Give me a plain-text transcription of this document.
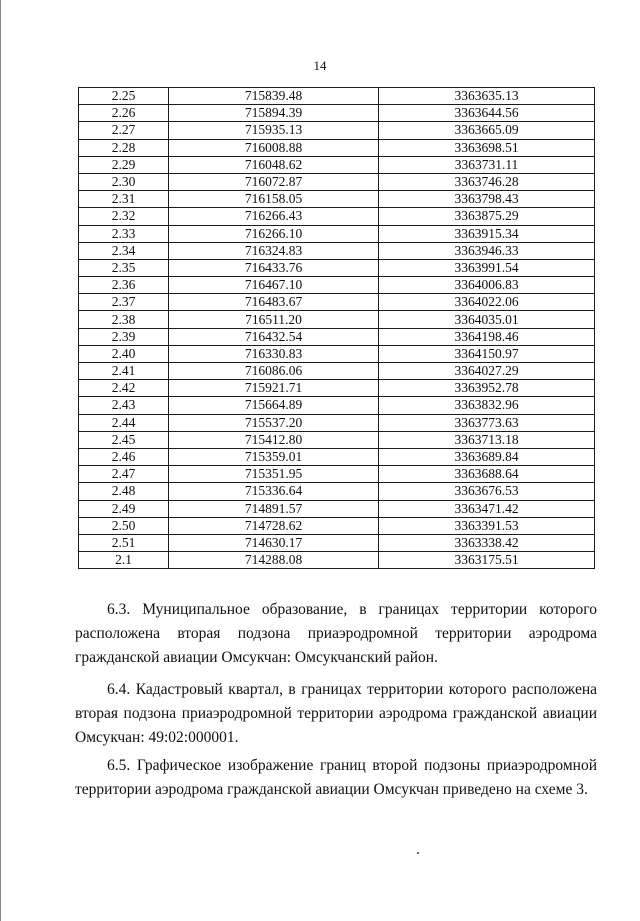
14
2.25	715839.48	3363635.13
2.26	715894.39	3363644.56
2.27	715935.13	3363665.09
2.28	716008.88	3363698.51
2.29	716048.62	3363731.11
2.30	716072.87	3363746.28
2.31	716158.05	3363798.43
2.32	716266.43	3363875.29
2.33	716266.10	3363915.34
2.34	716324.83	3363946.33
2.35	716433.76	3363991.54
2.36	716467.10	3364006.83
2.37	716483.67	3364022.06
2.38	716511.20	3364035.01
2.39	716432.54	3364198.46
2.40	716330.83	3364150.97
2.41	716086.06	3364027.29
2.42	715921.71	3363952.78
2.43	715664.89	3363832.96
2.44	715537.20	3363773.63
2.45	715412.80	3363713.18
2.46	715359.01	3363689.84
2.47	715351.95	3363688.64
2.48	715336.64	3363676.53
2.49	714891.57	3363471.42
2.50	714728.62	3363391.53
2.51	714630.17	3363338.42
2.1	714288.08	3363175.51

6.3. Муниципальное образование, в границах территории которого расположена вторая подзона приаэродромной территории аэродрома гражданской авиации Омсукчан: Омсукчанский район.

6.4. Кадастровый квартал, в границах территории которого расположена вторая подзона приаэродромной территории аэродрома гражданской авиации Омсукчан: 49:02:000001.

6.5. Графическое изображение границ второй подзоны приаэродромной территории аэродрома гражданской авиации Омсукчан приведено на схеме 3.
